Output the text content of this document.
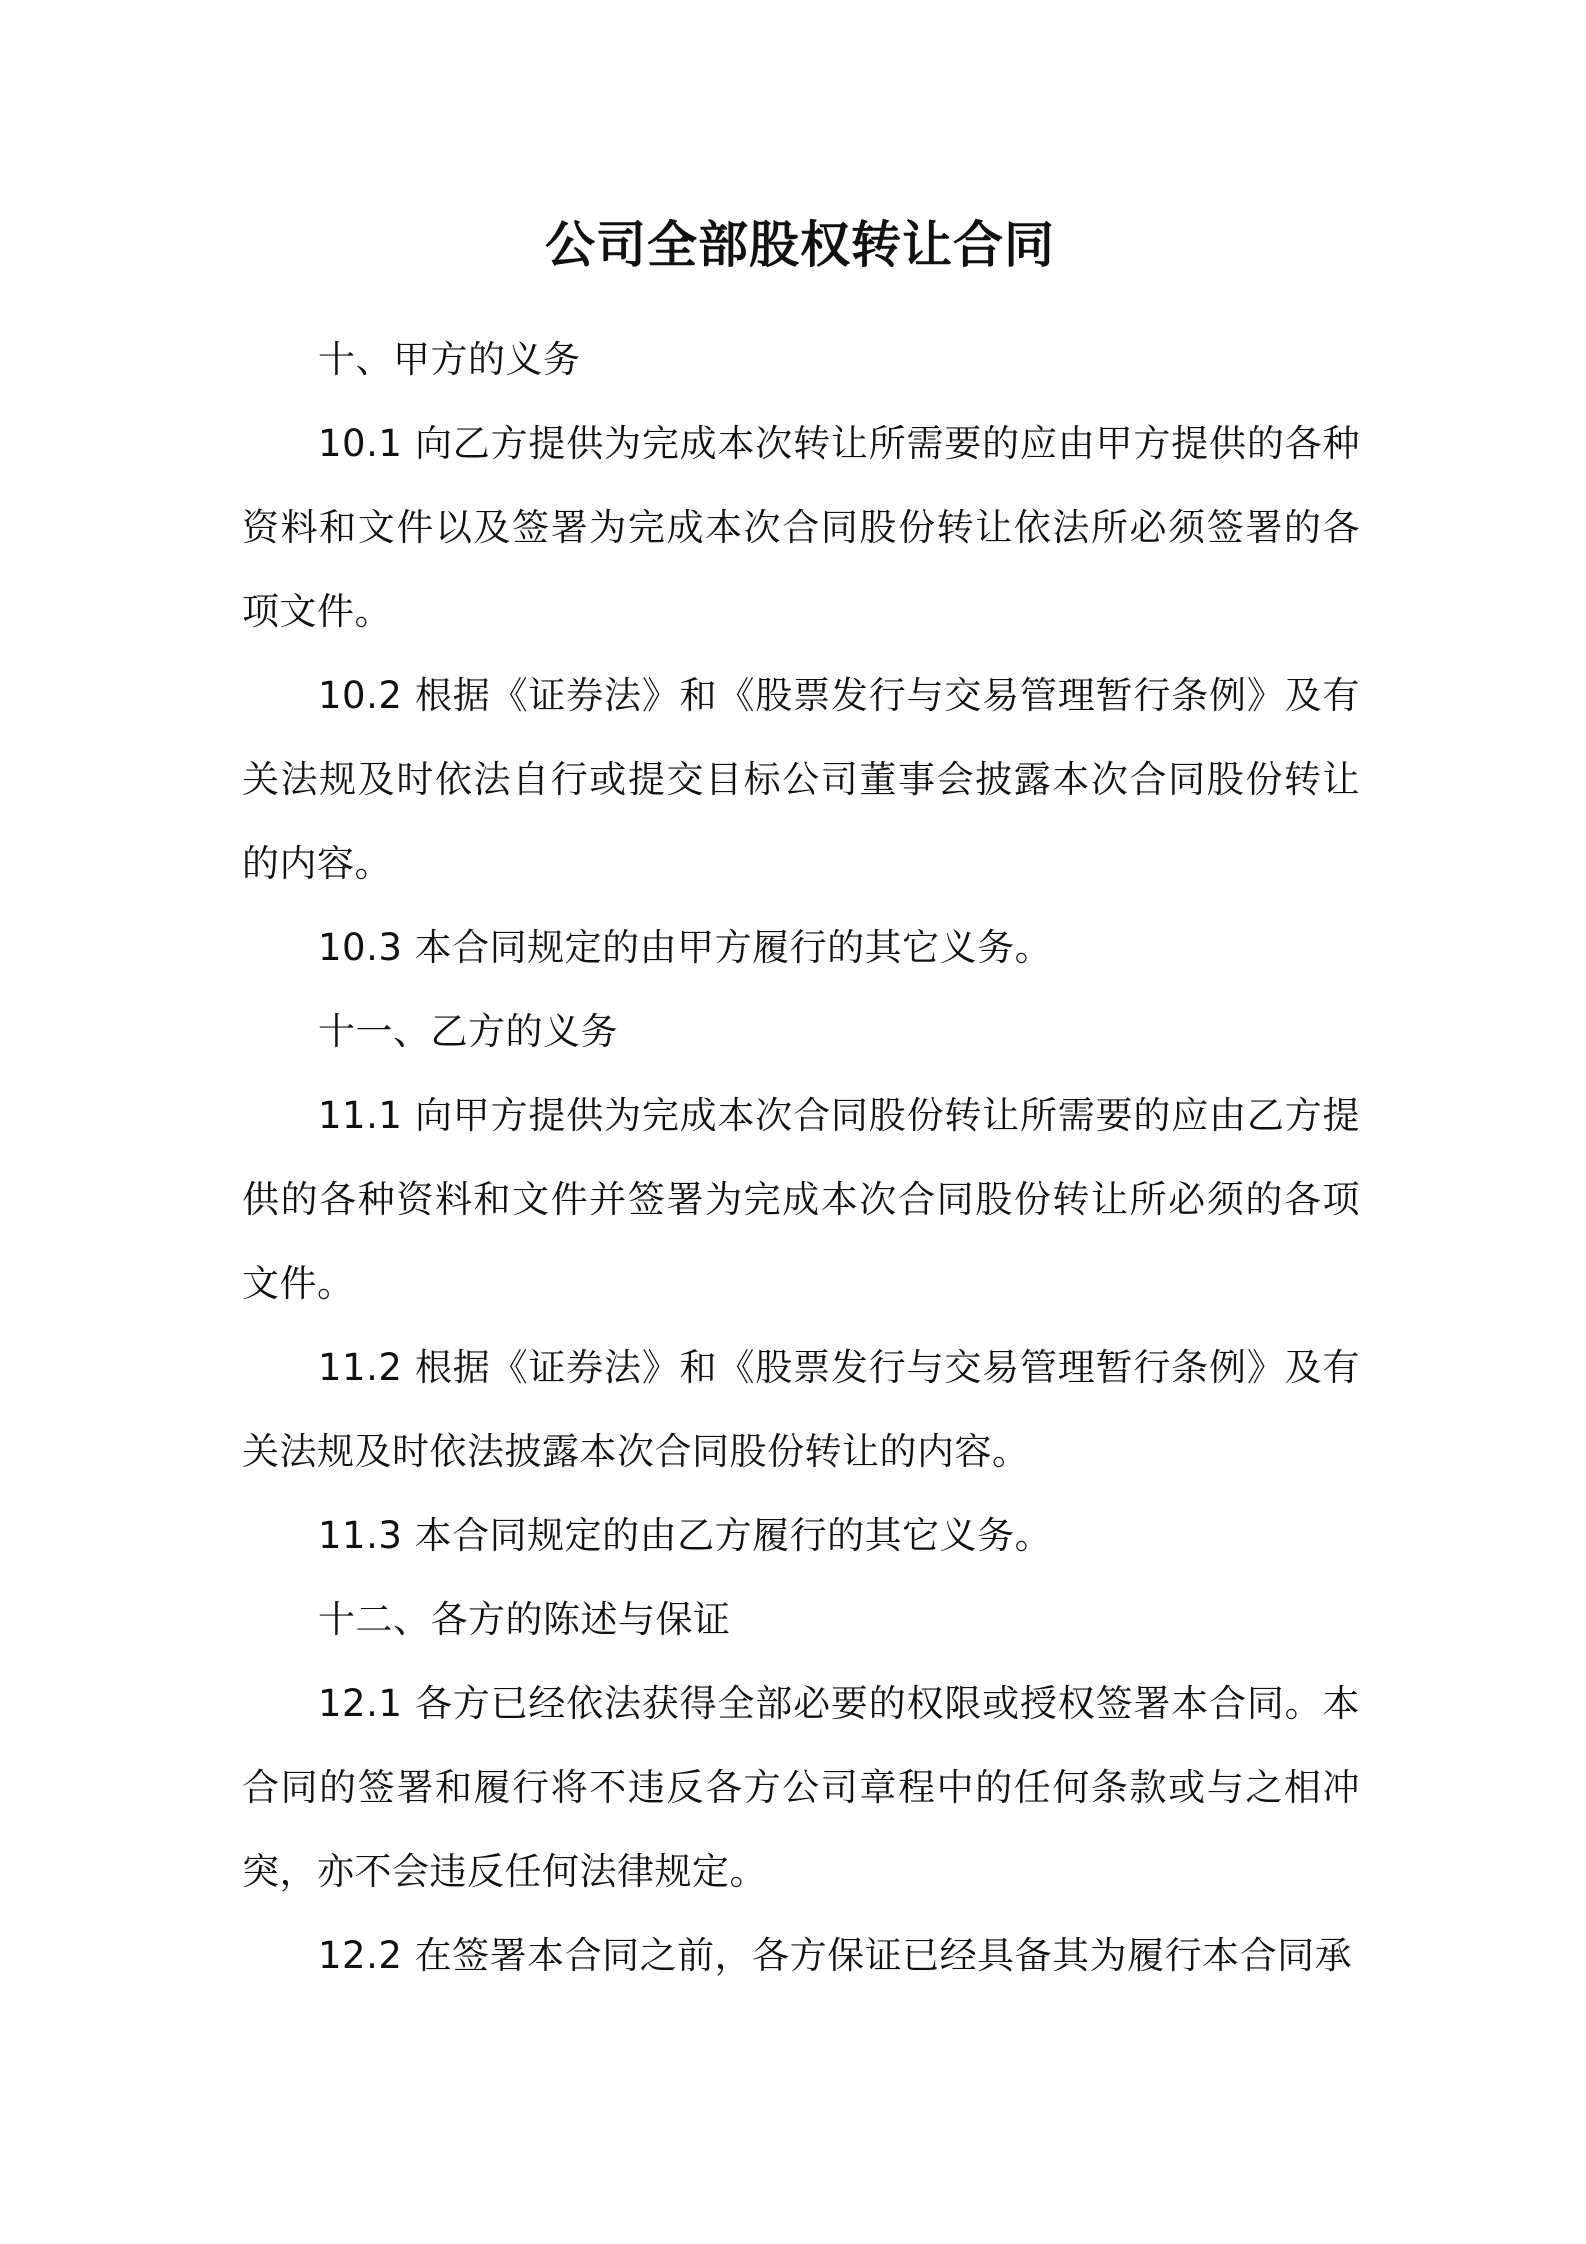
公司全部股权转让合同

十、甲方的义务

10.1 向乙方提供为完成本次转让所需要的应由甲方提供的各种资料和文件以及签署为完成本次合同股份转让依法所必须签署的各项文件。

10.2 根据《证券法》和《股票发行与交易管理暂行条例》及有关法规及时依法自行或提交目标公司董事会披露本次合同股份转让的内容。

10.3 本合同规定的由甲方履行的其它义务。

十一、乙方的义务

11.1 向甲方提供为完成本次合同股份转让所需要的应由乙方提供的各种资料和文件并签署为完成本次合同股份转让所必须的各项文件。

11.2 根据《证券法》和《股票发行与交易管理暂行条例》及有关法规及时依法披露本次合同股份转让的内容。

11.3 本合同规定的由乙方履行的其它义务。

十二、各方的陈述与保证

12.1 各方已经依法获得全部必要的权限或授权签署本合同。本合同的签署和履行将不违反各方公司章程中的任何条款或与之相冲突，亦不会违反任何法律规定。

12.2 在签署本合同之前，各方保证已经具备其为履行本合同承
